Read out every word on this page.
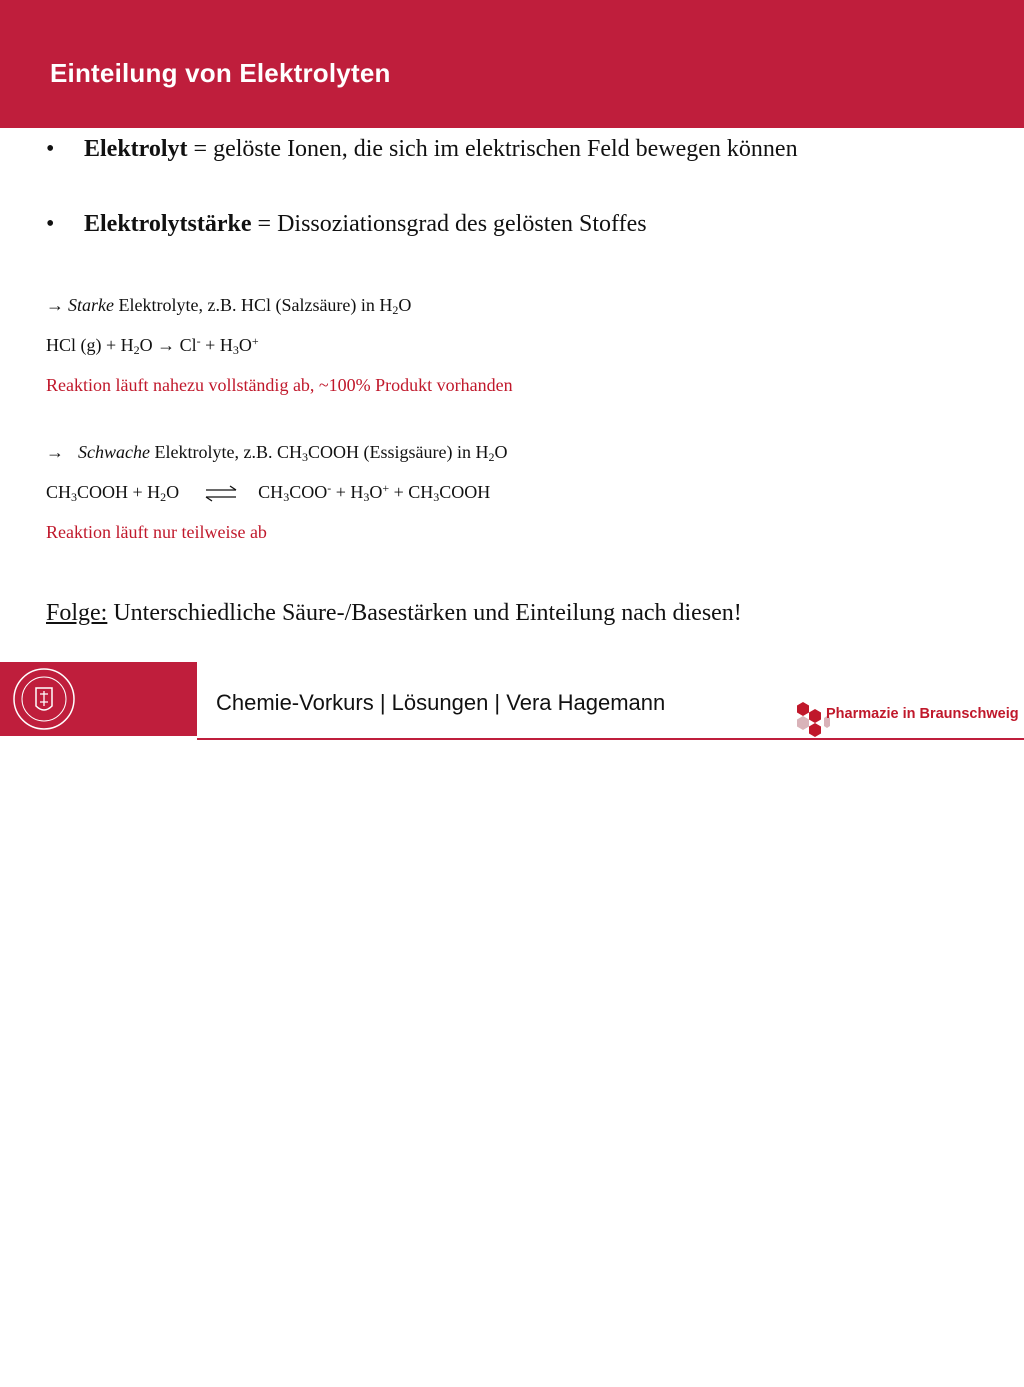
Einteilung von Elektrolyten
• Elektrolyt = gelöste Ionen, die sich im elektrischen Feld bewegen können
• Elektrolytstärke = Dissoziationsgrad des gelösten Stoffes
→ Starke Elektrolyte, z.B. HCl (Salzsäure) in $H_2O$
HCl $(g) + H_2O \to Cl^- + H_3O^+$
Reaktion läuft nahezu vollständig ab, ~100% Produkt vorhanden
→ Schwache Elektrolyte, z.B. $CH_3COOH$ (Essigsäure) in $H_2O$
$CH_3COOH + H_2O$ ⇌ $CH_3COO^- + H_3O^+$ + $CH_3COOH$
Reaktion läuft nur teilweise ab
Folge: Unterschiedliche Säure-/Basestärken und Einteilung nach diesen!
Technische
Universität
Braunschweig
Chemie-Vorkurs | Lösungen | Vera Hagemann	Pharmazie in Braunschweig
